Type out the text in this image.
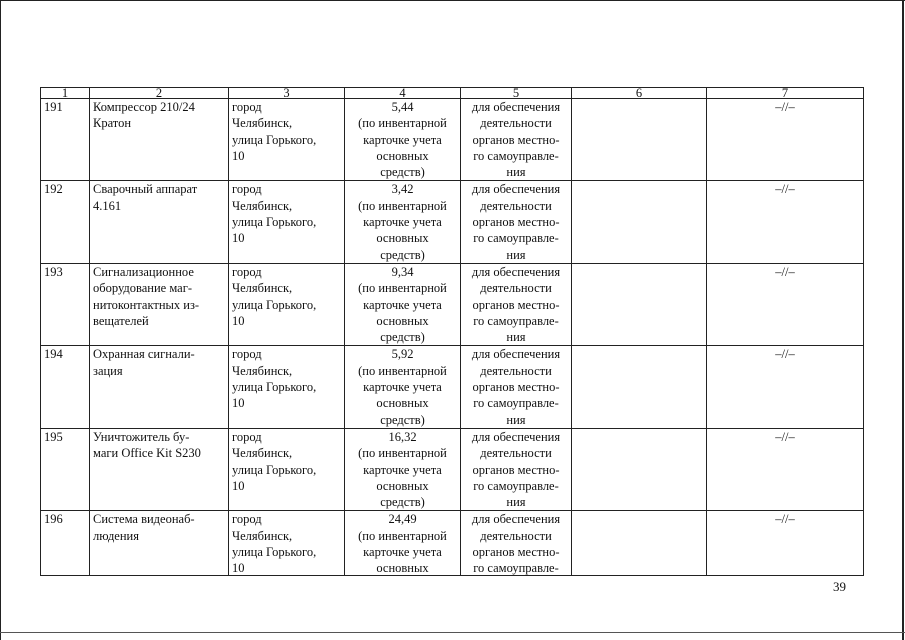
1	2	3	4	5	6	7
191	Компрессор 210/24
Кратон	город
Челябинск,
улица Горького,
10	5,44
(по инвентарной
карточке учета
основных
средств)	для обеспечения
деятельности
органов местно-
го самоуправле-
ния		–//–

192	Сварочный аппарат
4.161	город
Челябинск,
улица Горького,
10	3,42
(по инвентарной
карточке учета
основных
средств)	для обеспечения
деятельности
органов местно-
го самоуправле-
ния		–//–

193	Сигнализационное
оборудование маг-
нитоконтактных из-
вещателей	город
Челябинск,
улица Горького,
10	9,34
(по инвентарной
карточке учета
основных
средств)	для обеспечения
деятельности
органов местно-
го самоуправле-
ния		–//–

194	Охранная сигнали-
зация	город
Челябинск,
улица Горького,
10	5,92
(по инвентарной
карточке учета
основных
средств)	для обеспечения
деятельности
органов местно-
го самоуправле-
ния		–//–

195	Уничтожитель бу-
маги Office Kit S230	город
Челябинск,
улица Горького,
10	16,32
(по инвентарной
карточке учета
основных
средств)	для обеспечения
деятельности
органов местно-
го самоуправле-
ния		–//–

196	Система видеонаб-
людения	город
Челябинск,
улица Горького,
10	24,49
(по инвентарной
карточке учета
основных	для обеспечения
деятельности
органов местно-
го самоуправле-		–//–
39
